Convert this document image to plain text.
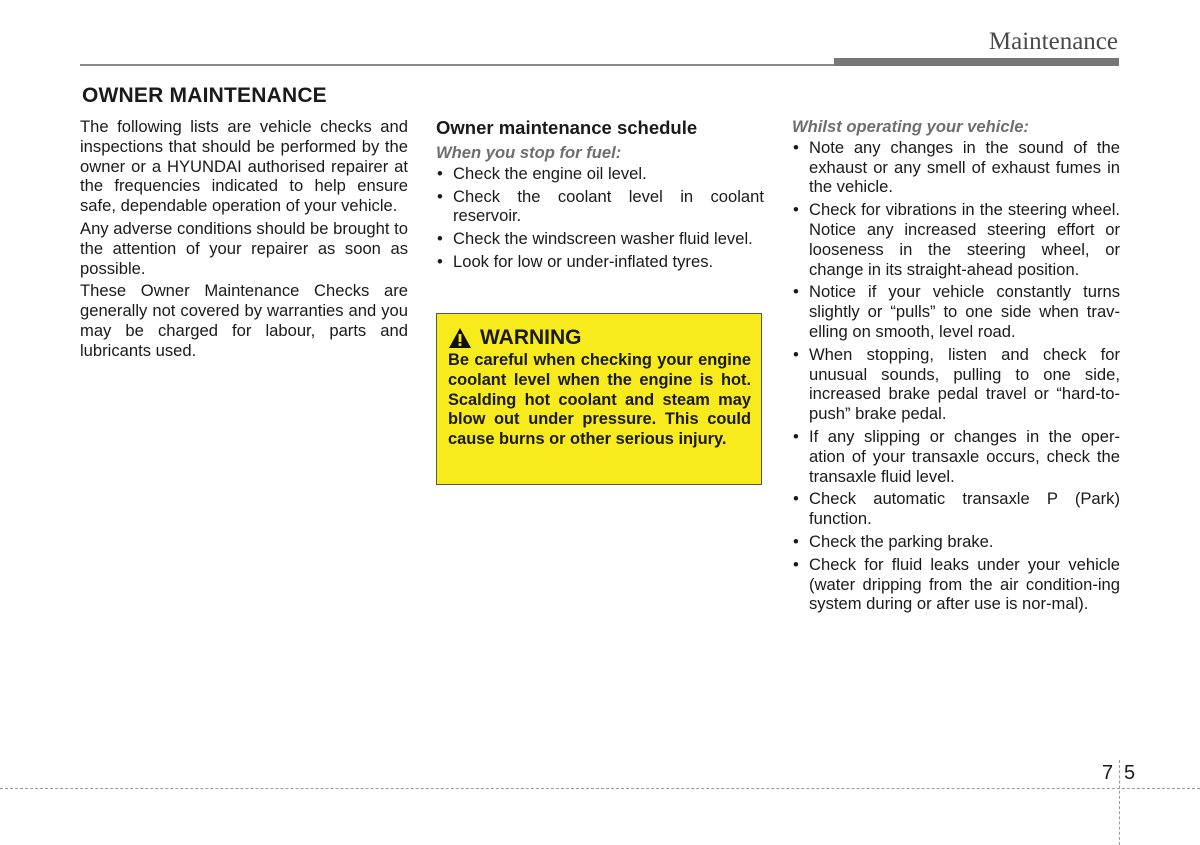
Maintenance
OWNER MAINTENANCE

The following lists are vehicle checks and inspections that should be performed by the owner or a HYUNDAI authorised repairer at the frequencies indicated to help ensure safe, dependable operation of your vehicle.

Any adverse conditions should be brought to the attention of your repairer as soon as possible.

These Owner Maintenance Checks are generally not covered by warranties and you may be charged for labour, parts and lubricants used.

Owner maintenance schedule
When you stop for fuel:
• Check the engine oil level.
• Check the coolant level in coolant reservoir.
• Check the windscreen washer fluid level.
• Look for low or under-inflated tyres.
WARNING

Be careful when checking your engine coolant level when the engine is hot. Scalding hot coolant and steam may blow out under pressure. This could cause burns or other serious injury.

Whilst operating your vehicle:
• Note any changes in the sound of the exhaust or any smell of exhaust fumes in the vehicle.
• Check for vibrations in the steering wheel. Notice any increased steering effort or looseness in the steering wheel, or change in its straight-ahead position.
• Notice if your vehicle constantly turns slightly or “pulls” to one side when trav-elling on smooth, level road.
• When stopping, listen and check for unusual sounds, pulling to one side, increased brake pedal travel or “hard-to-push” brake pedal.
• If any slipping or changes in the oper-ation of your transaxle occurs, check the transaxle fluid level.
• Check automatic transaxle P (Park) function.
• Check the parking brake.
• Check for fluid leaks under your vehicle (water dripping from the air condition-ing system during or after use is nor-mal).
7 5
